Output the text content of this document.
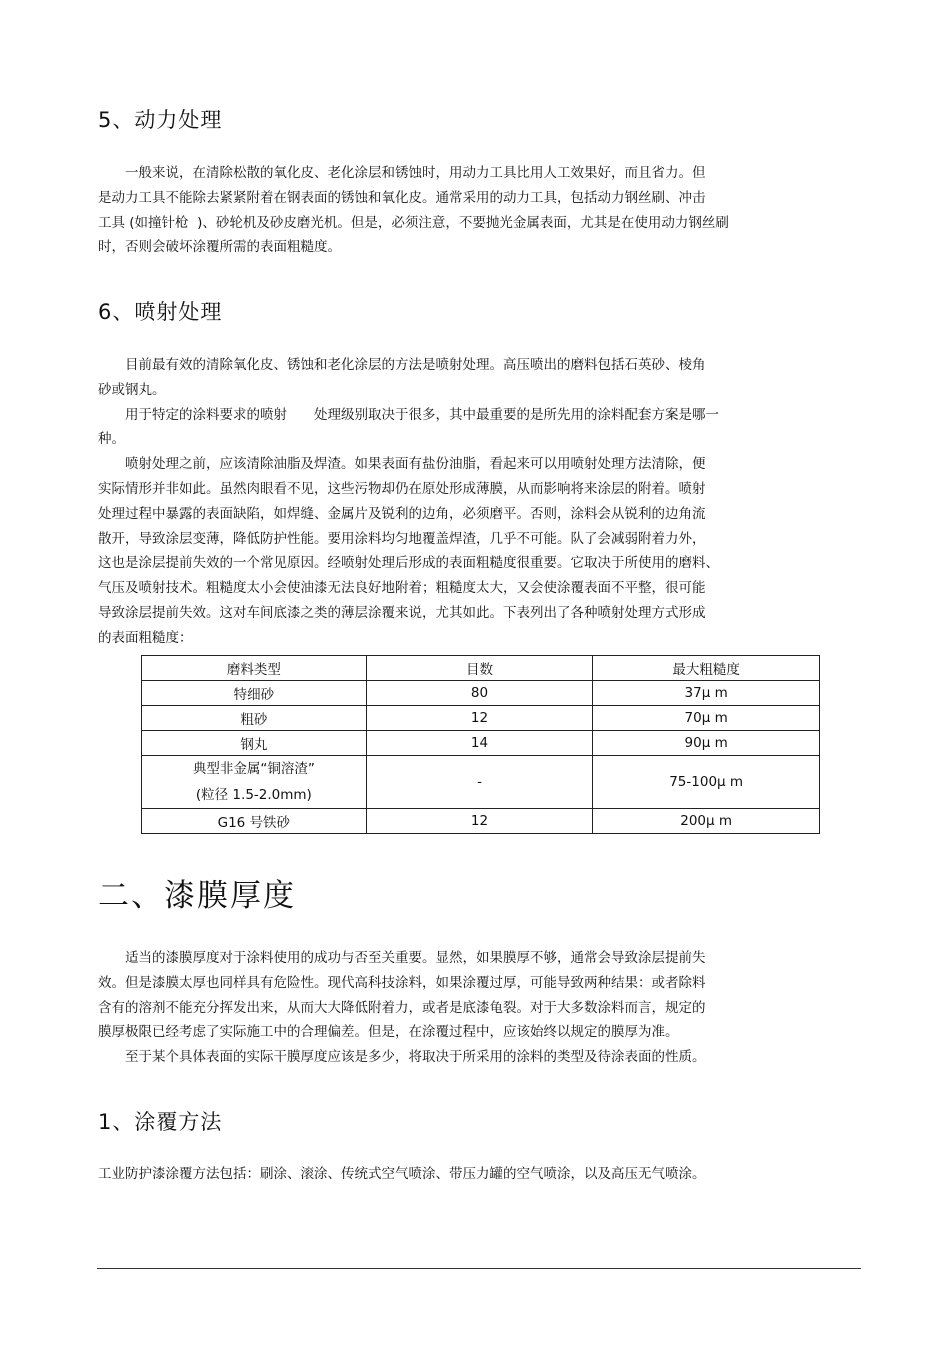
5、动力处理
　　一般来说，在清除松散的氧化皮、老化涂层和锈蚀时，用动力工具比用人工效果好，而且省力。但
是动力工具不能除去紧紧附着在钢表面的锈蚀和氧化皮。通常采用的动力工具，包括动力钢丝刷、冲击
工具 (如撞针枪  )、砂轮机及砂皮磨光机。但是，必须注意，不要抛光金属表面，尤其是在使用动力钢丝刷
时，否则会破坏涂覆所需的表面粗糙度。
6、喷射处理
　　目前最有效的清除氧化皮、锈蚀和老化涂层的方法是喷射处理。高压喷出的磨料包括石英砂、棱角
砂或钢丸。
　　用于特定的涂料要求的喷射　　处理级别取决于很多，其中最重要的是所先用的涂料配套方案是哪一
种。
　　喷射处理之前，应该清除油脂及焊渣。如果表面有盐份油脂，看起来可以用喷射处理方法清除，便
实际情形并非如此。虽然肉眼看不见，这些污物却仍在原处形成薄膜，从而影响将来涂层的附着。喷射
处理过程中暴露的表面缺陷，如焊缝、金属片及锐利的边角，必须磨平。否则，涂料会从锐利的边角流
散开，导致涂层变薄，降低防护性能。要用涂料均匀地覆盖焊渣，几乎不可能。队了会减弱附着力外，
这也是涂层提前失效的一个常见原因。经喷射处理后形成的表面粗糙度很重要。它取决于所使用的磨料、
气压及喷射技术。粗糙度太小会使油漆无法良好地附着；粗糙度太大，又会使涂覆表面不平整，很可能
导致涂层提前失效。这对车间底漆之类的薄层涂覆来说，尤其如此。下表列出了各种喷射处理方式形成
的表面粗糙度：
磨料类型	目数	最大粗糙度
特细砂	80	37μ m
粗砂	12	70μ m
钢丸	14	90μ m

典型非金属“铜溶渣”
(粒径 1.5-2.0mm)	-	75-100μ m
G16 号铁砂	12	200μ m
二、漆膜厚度
　　适当的漆膜厚度对于涂料使用的成功与否至关重要。显然，如果膜厚不够，通常会导致涂层提前失
效。但是漆膜太厚也同样具有危险性。现代高科技涂料，如果涂覆过厚，可能导致两种结果：或者除料
含有的溶剂不能充分挥发出来，从而大大降低附着力，或者是底漆龟裂。对于大多数涂料而言，规定的
膜厚极限已经考虑了实际施工中的合理偏差。但是，在涂覆过程中，应该始终以规定的膜厚为准。
　　至于某个具体表面的实际干膜厚度应该是多少，将取决于所采用的涂料的类型及待涂表面的性质。
1、涂覆方法
工业防护漆涂覆方法包括：刷涂、滚涂、传统式空气喷涂、带压力罐的空气喷涂，以及高压无气喷涂。
